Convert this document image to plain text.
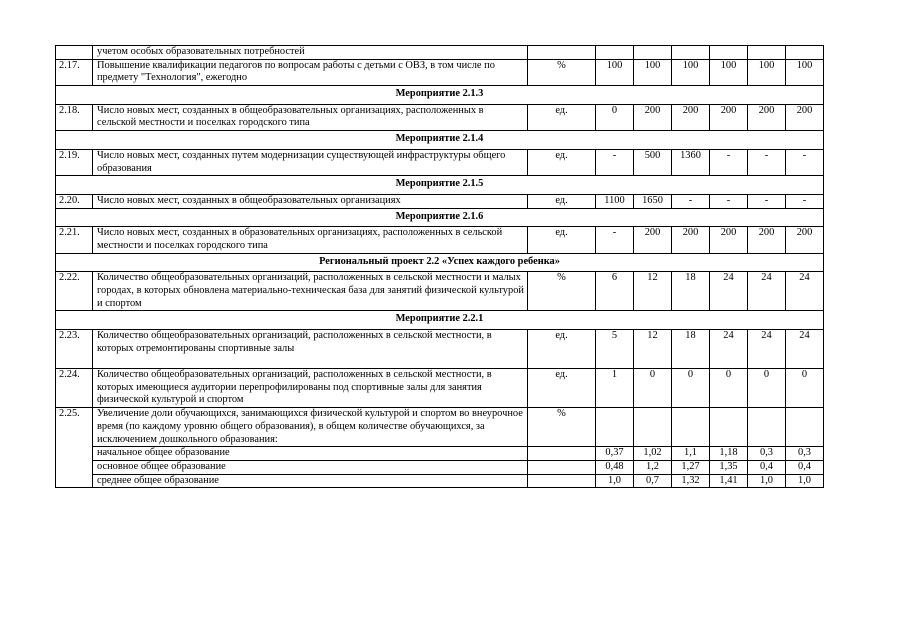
	учетом особых образовательных потребностей							
2.17.	Повышение квалификации педагогов по вопросам работы с детьми с ОВЗ, в том числе по предмету "Технология", ежегодно	%	100	100	100	100	100	100
Мероприятие 2.1.3								
2.18.	Число новых мест, созданных в общеобразовательных организациях, расположенных в сельской местности и поселках городского типа	ед.	0	200	200	200	200	200
Мероприятие 2.1.4								
2.19.	Число новых мест, созданных путем модернизации существующей инфраструктуры общего образования	ед.	-	500	1360	-	-	-
Мероприятие 2.1.5								
2.20.	Число новых мест, созданных в общеобразовательных организациях	ед.	1100	1650	-	-	-	-
Мероприятие 2.1.6								
2.21.	Число новых мест, созданных в образовательных организациях, расположенных в сельской местности и поселках городского типа	ед.	-	200	200	200	200	200
Региональный проект 2.2 «Успех каждого ребенка»								
2.22.	Количество общеобразовательных организаций, расположенных в сельской местности и малых городах, в которых обновлена материально-техническая база для занятий физической культурой и спортом	%	6	12	18	24	24	24
Мероприятие 2.2.1								
2.23.	Количество общеобразовательных организаций, расположенных в сельской местности, в которых отремонтированы спортивные залы	ед.	5	12	18	24	24	24
2.24.	Количество общеобразовательных организаций, расположенных в сельской местности, в которых имеющиеся аудитории перепрофилированы под спортивные залы для занятия физической культурой и спортом	ед.	1	0	0	0	0	0
2.25.	Увеличение доли обучающихся, занимающихся физической культурой и спортом во внеурочное время (по каждому уровню общего образования), в общем количестве обучающихся, за исключением дошкольного образования:	%						
	начальное общее образование		0,37	1,02	1,1	1,18	0,3	0,3
	основное общее образование		0,48	1,2	1,27	1,35	0,4	0,4
	среднее общее образование		1,0	0,7	1,32	1,41	1,0	1,0
